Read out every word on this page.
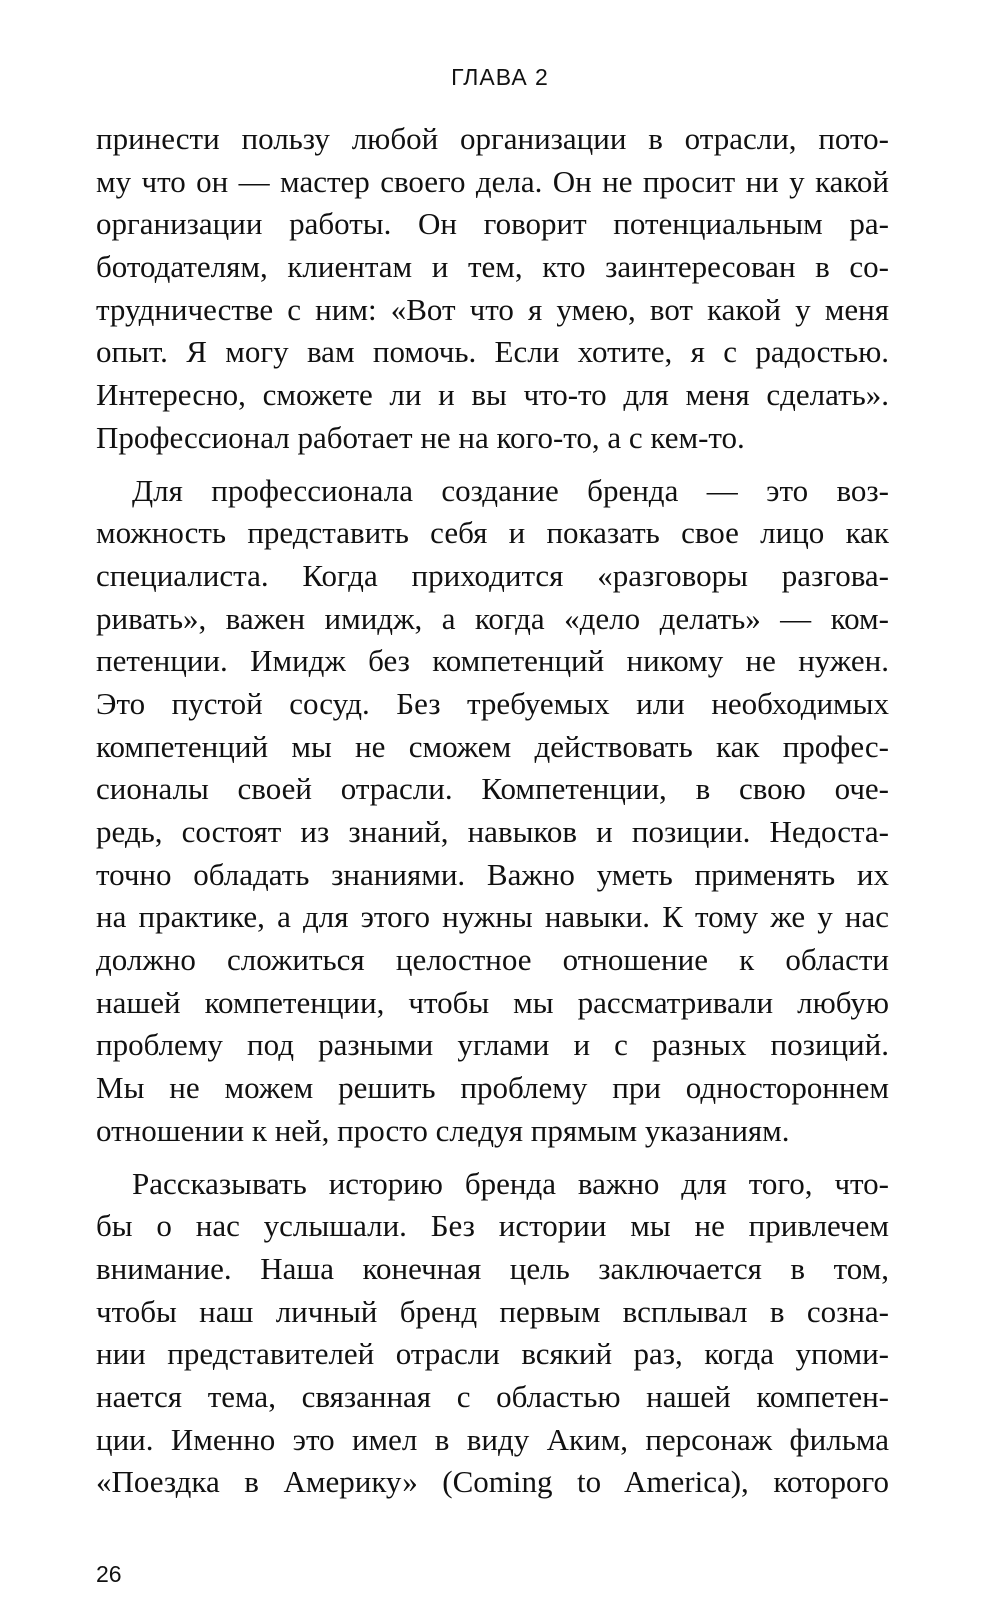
ГЛАВА 2
принести пользу любой организации в отрасли, пото-
му что он — мастер своего дела. Он не просит ни у какой
организации работы. Он говорит потенциальным ра-
ботодателям, клиентам и тем, кто заинтересован в со-
трудничестве с ним: «Вот что я умею, вот какой у меня
опыт. Я могу вам помочь. Если хотите, я с радостью.
Интересно, сможете ли и вы что-то для меня сделать».
Профессионал работает не на кого-то, а с кем-то.
Для профессионала создание бренда — это воз-
можность представить себя и показать свое лицо как
специалиста. Когда приходится «разговоры разгова-
ривать», важен имидж, а когда «дело делать» — ком-
петенции. Имидж без компетенций никому не нужен.
Это пустой сосуд. Без требуемых или необходимых
компетенций мы не сможем действовать как профес-
сионалы своей отрасли. Компетенции, в свою оче-
редь, состоят из знаний, навыков и позиции. Недоста-
точно обладать знаниями. Важно уметь применять их
на практике, а для этого нужны навыки. К тому же у нас
должно сложиться целостное отношение к области
нашей компетенции, чтобы мы рассматривали любую
проблему под разными углами и с разных позиций.
Мы не можем решить проблему при одностороннем
отношении к ней, просто следуя прямым указаниям.
Рассказывать историю бренда важно для того, что-
бы о нас услышали. Без истории мы не привлечем
внимание. Наша конечная цель заключается в том,
чтобы наш личный бренд первым всплывал в созна-
нии представителей отрасли всякий раз, когда упоми-
нается тема, связанная с областью нашей компетен-
ции. Именно это имел в виду Аким, персонаж фильма
«Поездка в Америку» (Coming to America), которого
26
